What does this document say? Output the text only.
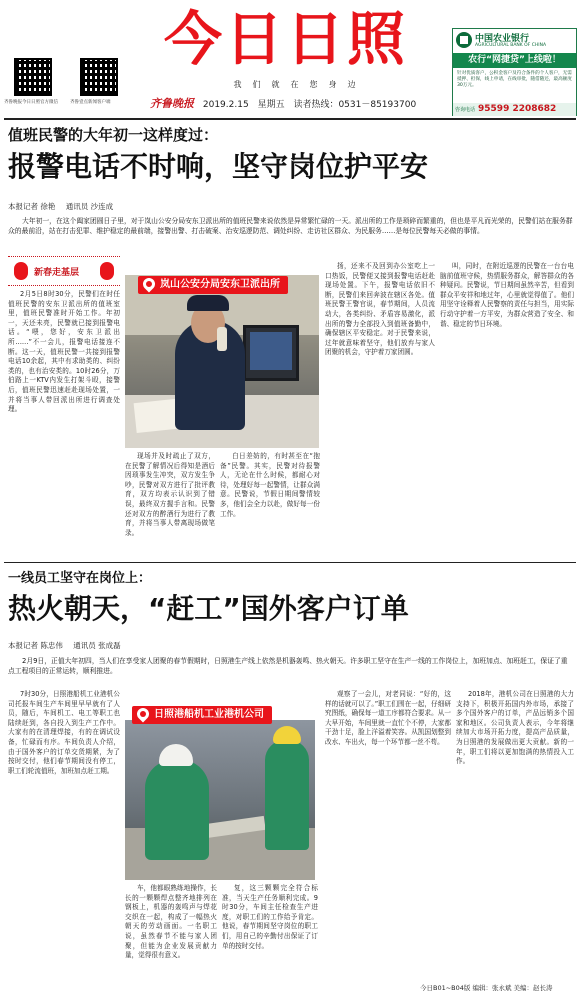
齐鲁晚报今日日照官方微信	齐鲁壹点新闻客户端
今日日照
我们就在您身边
齐鲁晚报 2019.2.15 星期五 读者热线：0531－85193700
中国农业银行
AGRICULTURAL BANK OF CHINA
农行“网捷贷”上线啦！
针对优质客户，公积金客户及符合条件的个人客户，无需抵押、担保，线上申请，在线审批，随借随还，最高额度30万元。
咨询电话 95599 2208682
值班民警的大年初一这样度过：
报警电话不时响，坚守岗位护平安
本报记者 徐艳 通讯员 沙连成
大年初一，在这个阖家团圆日子里，对于岚山公安分局安东卫派出所的值班民警来说依然是异常繁忙碌的一天。派出所的工作是琐碎而繁重的，但也是平凡而光荣的，民警们站在服务群众的最前沿，站在打击犯罪、维护稳定的最前端，接警出警、打击破案、治安巡逻防范、调处纠纷、走访社区群众、为民服务……是每位民警每天必做的事情。
新春走基层
2月5日8时30分，民警们在时任值班民警的安东卫派出所的值班室里，值班民警准时开始工作。年初一，天还未亮，民警就已接到报警电话。“喂，您好，安东卫派出所……”不一会儿，报警电话接连不断。这一天，值班民警一共接到报警电话10余起，其中有求助类的、纠纷类的，也有治安类的。10时26分，万伯路上一KTV内发生打架斗殴，接警后，值班民警迅速赶赴现场处置，一并将当事人带回派出所进行调查处理。
岚山公安分局安东卫派出所
现场并及时疏止了双方，在民警了解情况后得知是酒后因琐事发生冲突，双方发生争吵，民警对双方进行了批评教育，双方均表示认识到了错误，最终双方握手言和。民警还对双方的醉酒行为进行了教育，并将当事人带离现场做笔录。
白日差妨的，有时甚至在“抱备”民警。其实，民警对待报警人，无论在什么时候，都耐心对待，处理好每一起警情，让群众满意。民警说，节假日期间警情较多，他们会全力以赴，做好每一份工作。
扬，还来不及回到办公室吃上一口热饭，民警便又接到报警电话赶赴现场处置。下午，报警电话依旧不断，民警们来回奔波在辖区各处。值班民警王警官说，春节期间，人员流动大，各类纠纷、矛盾容易激化，派出所的警力全部投入到值班备勤中，确保辖区平安稳定。对于民警来说，过年就意味着坚守，他们放弃与家人团聚的机会，守护着万家团圆。
叫，同时，在附近巡逻的民警在一台台电脑前值班守候，热情服务群众，解答群众的各种疑问。民警说，节日期间虽然辛苦，但看到群众平安祥和地过年，心里就觉得值了。他们用坚守诠释着人民警察的责任与担当，用实际行动守护着一方平安，为群众营造了安全、和谐、稳定的节日环境。
一线员工坚守在岗位上：
热火朝天，“赶工”国外客户订单
本报记者 陈忠伟 通讯员 张成磊
2月9日，正值大年初四，当人们在享受家人团聚的春节假期时，日照港生产线上依然是机器轰鸣、热火朝天。许多职工坚守在生产一线的工作岗位上，加班加点、加班赶工，保证了重点工程项目的正常运转，顺利推进。
7时30分，日照港船机工业港机公司托报车间生产车间里早早就有了人员，随后，车间机工、电工等职工也陆续赶到，各自投入到生产工作中。大家有的在清理焊接，有的在调试设备，忙碌而有序。车间负责人介绍，由于国外客户的订单交货期紧，为了按时交付，他们春节期间没有停工，职工们轮流值班，加班加点赶工期。
日照港船机工业港机公司
车，他都眼熟练地操作，长长的一颗颗焊点整齐地排列在钢板上，机器的轰鸣声与焊花交织在一起，构成了一幅热火朝天的劳动画面。一名职工说，虽然春节不能与家人团聚，但能为企业发展贡献力量，觉得很有意义。
复，这三颗颗完全符合标准，当天生产任务顺利完成。9时30分，车间主任检查生产进度，对职工们的工作给予肯定。他说，春节期间坚守岗位的职工们，用自己的辛勤付出保证了订单的按时交付。
观察了一会儿，对老同说：“好的，这样的话就可以了。”职工们围在一起，仔细研究图纸，确保每一道工序都符合要求。从一大早开始，车间里就一直忙个不停，大家都干劲十足，脸上洋溢着笑容。从凯国划整到改水、车出火，每一个环节都一丝不苟。
2018年，港机公司在日照港的大力支持下，积极开拓国内外市场，承接了多个国外客户的订单，产品远销多个国家和地区。公司负责人表示，今年将继续加大市场开拓力度，提高产品质量，为日照港的发展做出更大贡献。新的一年，职工们将以更加饱满的热情投入工作。
今日B01~B04版 编辑：张永斌 美编：赵长涛
